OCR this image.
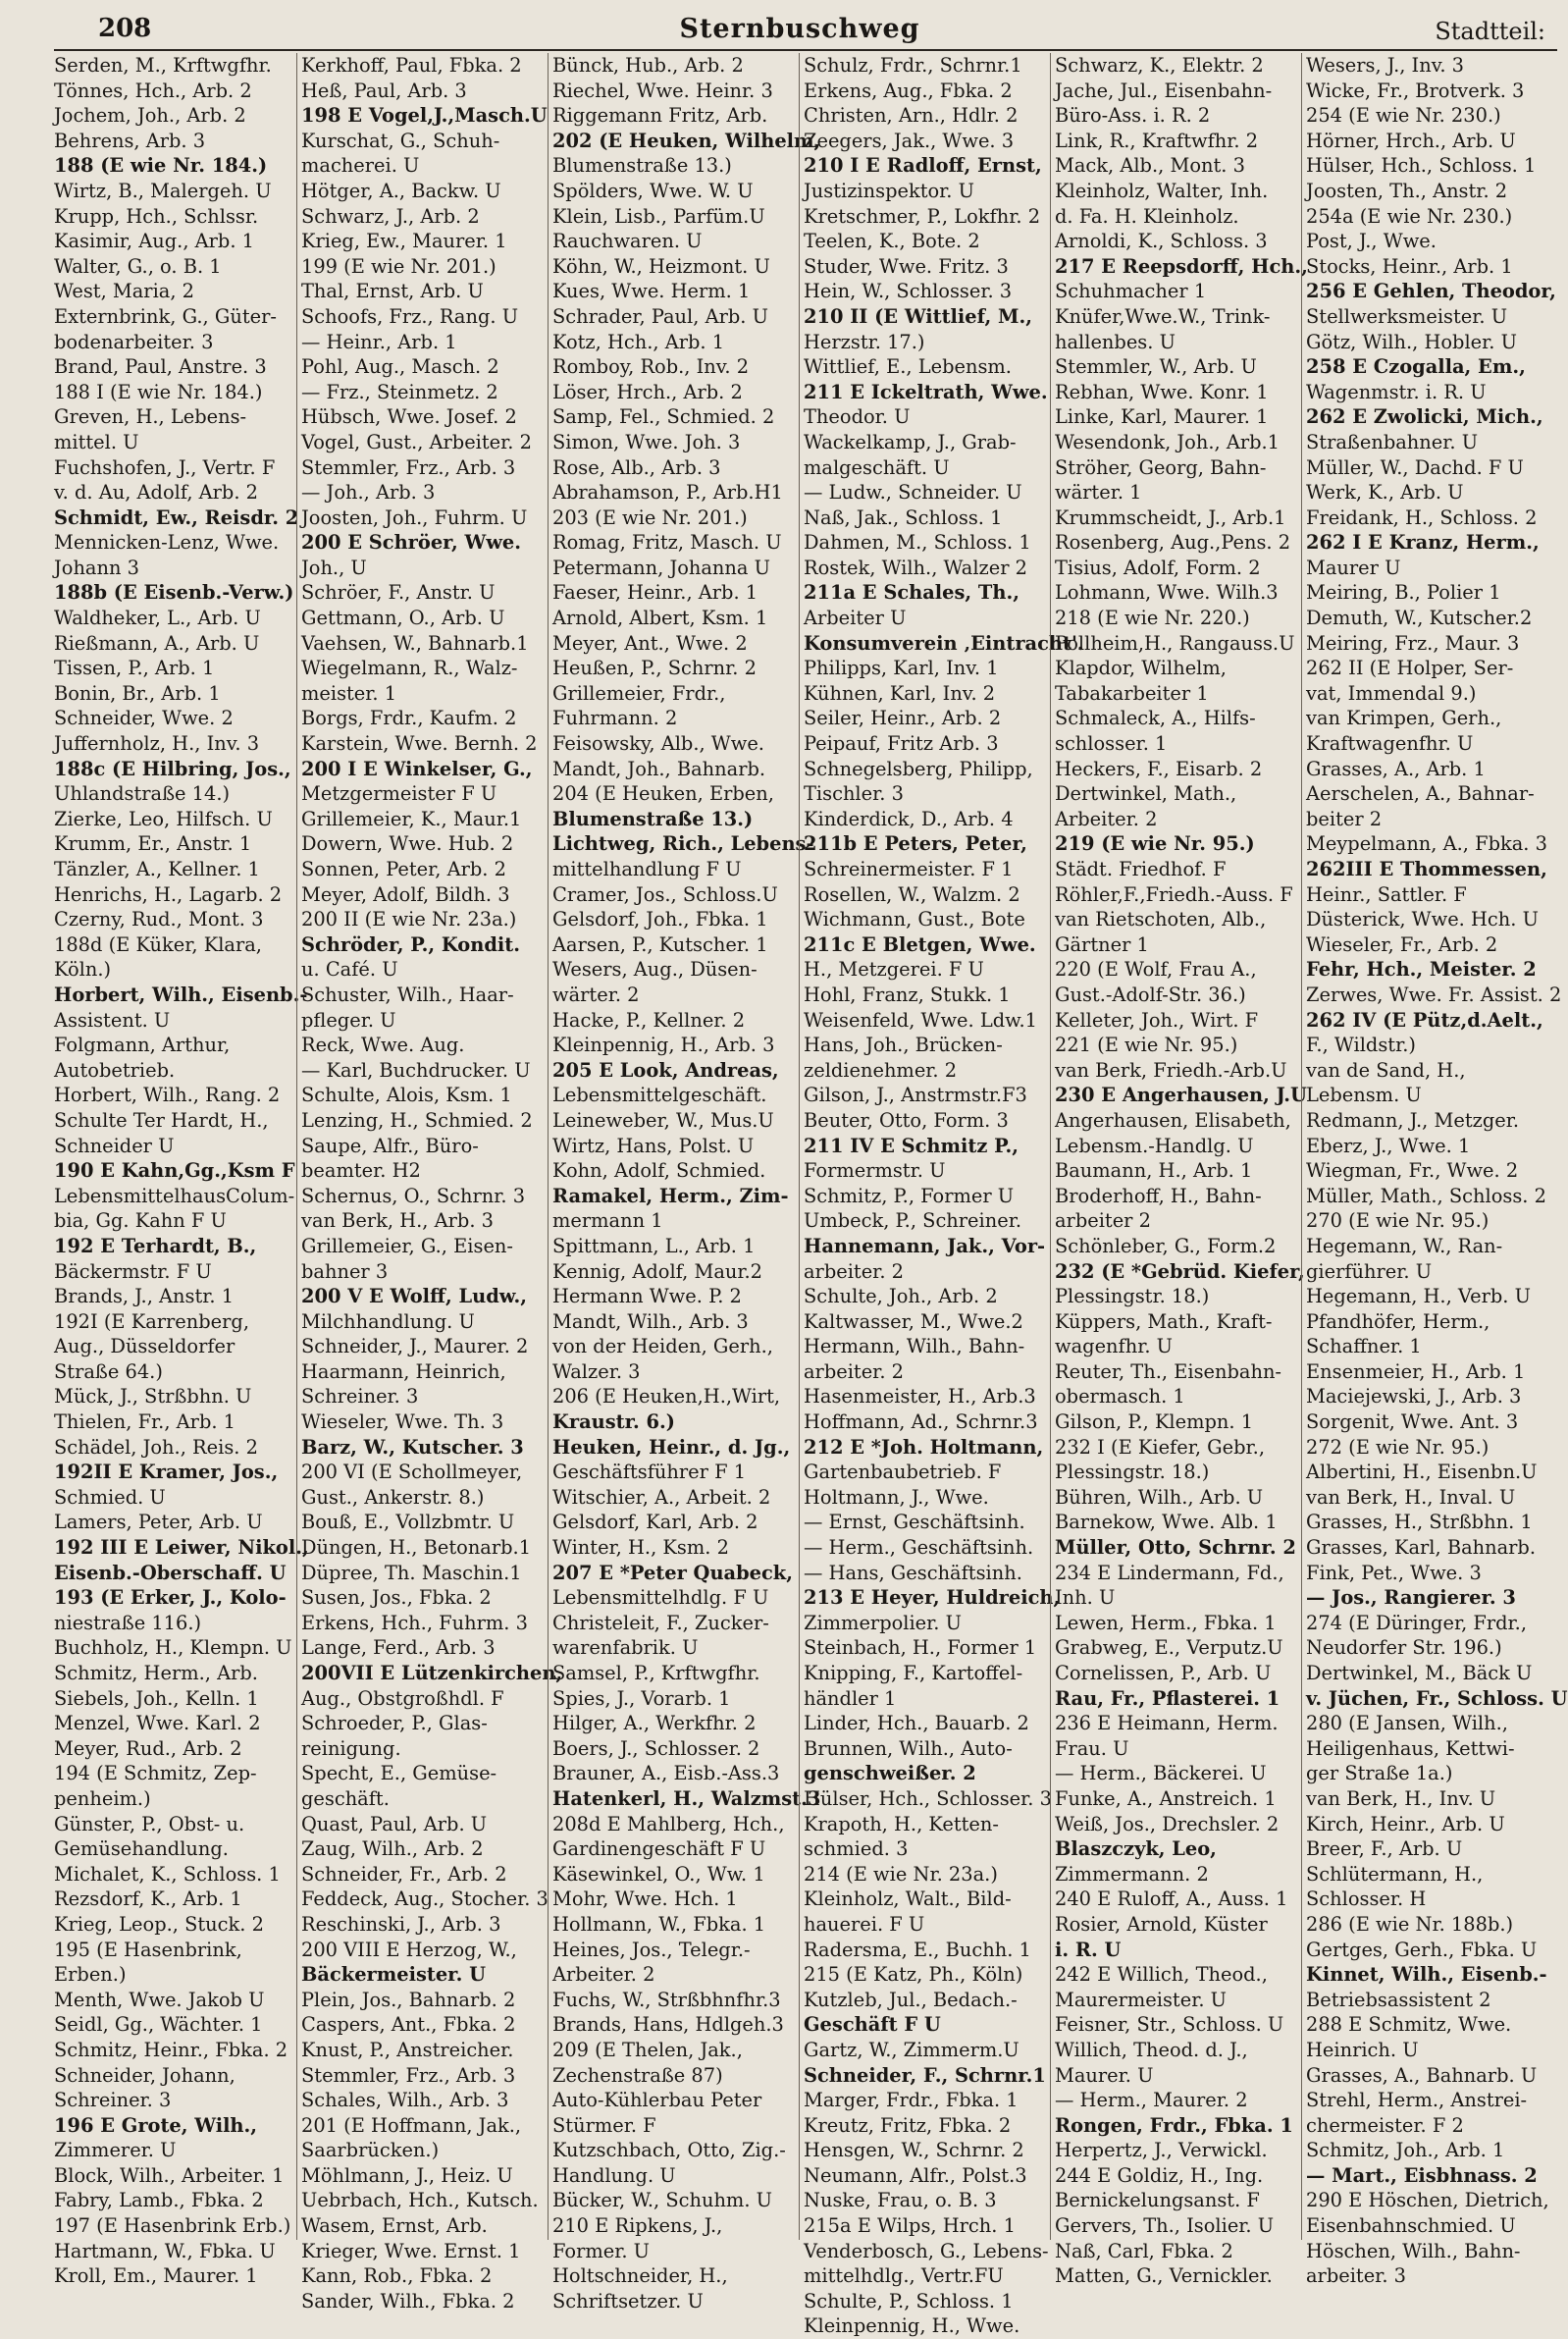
208	Sternbuschweg	Stadtteil:
Serden, M., Krftwgfhr.
Tönnes, Hch., Arb. 2
Jochem, Joh., Arb. 2
Behrens, Arb. 3
188 (E wie Nr. 184.)
Wirtz, B., Malergeh. U
Krupp, Hch., Schlssr.
Kasimir, Aug., Arb. 1
Walter, G., o. B. 1
West, Maria, 2
Externbrink, G., Güter-
bodenarbeiter. 3
Brand, Paul, Anstre. 3
188 I (E wie Nr. 184.)
Greven, H., Lebens-
mittel. U
Fuchshofen, J., Vertr. F
v. d. Au, Adolf, Arb. 2
Schmidt, Ew., Reisdr. 2
Mennicken-Lenz, Wwe.
Johann 3
188b (E Eisenb.-Verw.)
Waldheker, L., Arb. U
Rießmann, A., Arb. U
Tissen, P., Arb. 1
Bonin, Br., Arb. 1
Schneider, Wwe. 2
Juffernholz, H., Inv. 3
188c (E Hilbring, Jos.,
Uhlandstraße 14.)
Zierke, Leo, Hilfsch. U
Krumm, Er., Anstr. 1
Tänzler, A., Kellner. 1
Henrichs, H., Lagarb. 2
Czerny, Rud., Mont. 3
188d (E Küker, Klara,
Köln.)
Horbert, Wilh., Eisenb.-
Assistent. U
Folgmann, Arthur,
Autobetrieb.
Horbert, Wilh., Rang. 2
Schulte Ter Hardt, H.,
Schneider U
190 E Kahn,Gg.,Ksm F
LebensmittelhausColum-
bia, Gg. Kahn F U
192 E Terhardt, B.,
Bäckermstr. F U
Brands, J., Anstr. 1
192I (E Karrenberg,
Aug., Düsseldorfer
Straße 64.)
Mück, J., Strßbhn. U
Thielen, Fr., Arb. 1
Schädel, Joh., Reis. 2
192II E Kramer, Jos.,
Schmied. U
Lamers, Peter, Arb. U
192 III E Leiwer, Nikol.,
Eisenb.-Oberschaff. U
193 (E Erker, J., Kolo-
niestraße 116.)
Buchholz, H., Klempn. U
Schmitz, Herm., Arb.
Siebels, Joh., Kelln. 1
Menzel, Wwe. Karl. 2
Meyer, Rud., Arb. 2
194 (E Schmitz, Zep-
penheim.)
Günster, P., Obst- u.
Gemüsehandlung.
Michalet, K., Schloss. 1
Rezsdorf, K., Arb. 1
Krieg, Leop., Stuck. 2
195 (E Hasenbrink,
Erben.)
Menth, Wwe. Jakob U
Seidl, Gg., Wächter. 1
Schmitz, Heinr., Fbka. 2
Schneider, Johann,
Schreiner. 3
196 E Grote, Wilh.,
Zimmerer. U
Block, Wilh., Arbeiter. 1
Fabry, Lamb., Fbka. 2
197 (E Hasenbrink Erb.)
Hartmann, W., Fbka. U
Kroll, Em., Maurer. 1
Kerkhoff, Paul, Fbka. 2
Heß, Paul, Arb. 3
198 E Vogel,J.,Masch.U
Kurschat, G., Schuh-
macherei. U
Hötger, A., Backw. U
Schwarz, J., Arb. 2
Krieg, Ew., Maurer. 1
199 (E wie Nr. 201.)
Thal, Ernst, Arb. U
Schoofs, Frz., Rang. U
— Heinr., Arb. 1
Pohl, Aug., Masch. 2
— Frz., Steinmetz. 2
Hübsch, Wwe. Josef. 2
Vogel, Gust., Arbeiter. 2
Stemmler, Frz., Arb. 3
— Joh., Arb. 3
Joosten, Joh., Fuhrm. U
200 E Schröer, Wwe.
Joh., U
Schröer, F., Anstr. U
Gettmann, O., Arb. U
Vaehsen, W., Bahnarb.1
Wiegelmann, R., Walz-
meister. 1
Borgs, Frdr., Kaufm. 2
Karstein, Wwe. Bernh. 2
200 I E Winkelser, G.,
Metzgermeister F U
Grillemeier, K., Maur.1
Dowern, Wwe. Hub. 2
Sonnen, Peter, Arb. 2
Meyer, Adolf, Bildh. 3
200 II (E wie Nr. 23a.)
Schröder, P., Kondit.
u. Café. U
Schuster, Wilh., Haar-
pfleger. U
Reck, Wwe. Aug.
— Karl, Buchdrucker. U
Schulte, Alois, Ksm. 1
Lenzing, H., Schmied. 2
Saupe, Alfr., Büro-
beamter. H2
Schernus, O., Schrnr. 3
van Berk, H., Arb. 3
Grillemeier, G., Eisen-
bahner 3
200 V E Wolff, Ludw.,
Milchhandlung. U
Schneider, J., Maurer. 2
Haarmann, Heinrich,
Schreiner. 3
Wieseler, Wwe. Th. 3
Barz, W., Kutscher. 3
200 VI (E Schollmeyer,
Gust., Ankerstr. 8.)
Bouß, E., Vollzbmtr. U
Düngen, H., Betonarb.1
Düpree, Th. Maschin.1
Susen, Jos., Fbka. 2
Erkens, Hch., Fuhrm. 3
Lange, Ferd., Arb. 3
200VII E Lützenkirchen,
Aug., Obstgroßhdl. F
Schroeder, P., Glas-
reinigung.
Specht, E., Gemüse-
geschäft.
Quast, Paul, Arb. U
Zaug, Wilh., Arb. 2
Schneider, Fr., Arb. 2
Feddeck, Aug., Stocher. 3
Reschinski, J., Arb. 3
200 VIII E Herzog, W.,
Bäckermeister. U
Plein, Jos., Bahnarb. 2
Caspers, Ant., Fbka. 2
Knust, P., Anstreicher.
Stemmler, Frz., Arb. 3
Schales, Wilh., Arb. 3
201 (E Hoffmann, Jak.,
Saarbrücken.)
Möhlmann, J., Heiz. U
Uebrbach, Hch., Kutsch.
Wasem, Ernst, Arb.
Krieger, Wwe. Ernst. 1
Kann, Rob., Fbka. 2
Sander, Wilh., Fbka. 2
Bünck, Hub., Arb. 2
Riechel, Wwe. Heinr. 3
Riggemann Fritz, Arb.
202 (E Heuken, Wilhelm,
Blumenstraße 13.)
Spölders, Wwe. W. U
Klein, Lisb., Parfüm.U
Rauchwaren. U
Köhn, W., Heizmont. U
Kues, Wwe. Herm. 1
Schrader, Paul, Arb. U
Kotz, Hch., Arb. 1
Romboy, Rob., Inv. 2
Löser, Hrch., Arb. 2
Samp, Fel., Schmied. 2
Simon, Wwe. Joh. 3
Rose, Alb., Arb. 3
Abrahamson, P., Arb.H1
203 (E wie Nr. 201.)
Romag, Fritz, Masch. U
Petermann, Johanna U
Faeser, Heinr., Arb. 1
Arnold, Albert, Ksm. 1
Meyer, Ant., Wwe. 2
Heußen, P., Schrnr. 2
Grillemeier, Frdr.,
Fuhrmann. 2
Feisowsky, Alb., Wwe.
Mandt, Joh., Bahnarb.
204 (E Heuken, Erben,
Blumenstraße 13.)
Lichtweg, Rich., Lebens-
mittelhandlung F U
Cramer, Jos., Schloss.U
Gelsdorf, Joh., Fbka. 1
Aarsen, P., Kutscher. 1
Wesers, Aug., Düsen-
wärter. 2
Hacke, P., Kellner. 2
Kleinpennig, H., Arb. 3
205 E Look, Andreas,
Lebensmittelgeschäft.
Leineweber, W., Mus.U
Wirtz, Hans, Polst. U
Kohn, Adolf, Schmied.
Ramakel, Herm., Zim-
mermann 1
Spittmann, L., Arb. 1
Kennig, Adolf, Maur.2
Hermann Wwe. P. 2
Mandt, Wilh., Arb. 3
von der Heiden, Gerh.,
Walzer. 3
206 (E Heuken,H.,Wirt,
Kraustr. 6.)
Heuken, Heinr., d. Jg.,
Geschäftsführer F 1
Witschier, A., Arbeit. 2
Gelsdorf, Karl, Arb. 2
Winter, H., Ksm. 2
207 E *Peter Quabeck,
Lebensmittelhdlg. F U
Christeleit, F., Zucker-
warenfabrik. U
Samsel, P., Krftwgfhr.
Spies, J., Vorarb. 1
Hilger, A., Werkfhr. 2
Boers, J., Schlosser. 2
Brauner, A., Eisb.-Ass.3
Hatenkerl, H., Walzmst.3
208d E Mahlberg, Hch.,
Gardinengeschäft F U
Käsewinkel, O., Ww. 1
Mohr, Wwe. Hch. 1
Hollmann, W., Fbka. 1
Heines, Jos., Telegr.-
Arbeiter. 2
Fuchs, W., Strßbhnfhr.3
Brands, Hans, Hdlgeh.3
209 (E Thelen, Jak.,
Zechenstraße 87)
Auto-Kühlerbau Peter
Stürmer. F
Kutzschbach, Otto, Zig.-
Handlung. U
Bücker, W., Schuhm. U
210 E Ripkens, J.,
Former. U
Holtschneider, H.,
Schriftsetzer. U
Schulz, Frdr., Schrnr.1
Erkens, Aug., Fbka. 2
Christen, Arn., Hdlr. 2
Zeegers, Jak., Wwe. 3
210 I E Radloff, Ernst,
Justizinspektor. U
Kretschmer, P., Lokfhr. 2
Teelen, K., Bote. 2
Studer, Wwe. Fritz. 3
Hein, W., Schlosser. 3
210 II (E Wittlief, M.,
Herzstr. 17.)
Wittlief, E., Lebensm.
211 E Ickeltrath, Wwe.
Theodor. U
Wackelkamp, J., Grab-
malgeschäft. U
— Ludw., Schneider. U
Naß, Jak., Schloss. 1
Dahmen, M., Schloss. 1
Rostek, Wilh., Walzer 2
211a E Schales, Th.,
Arbeiter U
Konsumverein ‚Eintracht'.
Philipps, Karl, Inv. 1
Kühnen, Karl, Inv. 2
Seiler, Heinr., Arb. 2
Peipauf, Fritz Arb. 3
Schnegelsberg, Philipp,
Tischler. 3
Kinderdick, D., Arb. 4
211b E Peters, Peter,
Schreinermeister. F 1
Rosellen, W., Walzm. 2
Wichmann, Gust., Bote
211c E Bletgen, Wwe.
H., Metzgerei. F U
Hohl, Franz, Stukk. 1
Weisenfeld, Wwe. Ldw.1
Hans, Joh., Brücken-
zeldienehmer. 2
Gilson, J., Anstrmstr.F3
Beuter, Otto, Form. 3
211 IV E Schmitz P.,
Formermstr. U
Schmitz, P., Former U
Umbeck, P., Schreiner.
Hannemann, Jak., Vor-
arbeiter. 2
Schulte, Joh., Arb. 2
Kaltwasser, M., Wwe.2
Hermann, Wilh., Bahn-
arbeiter. 2
Hasenmeister, H., Arb.3
Hoffmann, Ad., Schrnr.3
212 E *Joh. Holtmann,
Gartenbaubetrieb. F
Holtmann, J., Wwe.
— Ernst, Geschäftsinh.
— Herm., Geschäftsinh.
— Hans, Geschäftsinh.
213 E Heyer, Huldreich,
Zimmerpolier. U
Steinbach, H., Former 1
Knipping, F., Kartoffel-
händler 1
Linder, Hch., Bauarb. 2
Brunnen, Wilh., Auto-
genschweißer. 2
Hülser, Hch., Schlosser. 3
Krapoth, H., Ketten-
schmied. 3
214 (E wie Nr. 23a.)
Kleinholz, Walt., Bild-
hauerei. F U
Radersma, E., Buchh. 1
215 (E Katz, Ph., Köln)
Kutzleb, Jul., Bedach.-
Geschäft F U
Gartz, W., Zimmerm.U
Schneider, F., Schrnr.1
Marger, Frdr., Fbka. 1
Kreutz, Fritz, Fbka. 2
Hensgen, W., Schrnr. 2
Neumann, Alfr., Polst.3
Nuske, Frau, o. B. 3
215a E Wilps, Hrch. 1
Venderbosch, G., Lebens-
mittelhdlg., Vertr.FU
Schulte, P., Schloss. 1
Kleinpennig, H., Wwe.
Schwarz, K., Elektr. 2
Jache, Jul., Eisenbahn-
Büro-Ass. i. R. 2
Link, R., Kraftwfhr. 2
Mack, Alb., Mont. 3
Kleinholz, Walter, Inh.
d. Fa. H. Kleinholz.
Arnoldi, K., Schloss. 3
217 E Reepsdorff, Hch.,
Schuhmacher 1
Knüfer,Wwe.W., Trink-
hallenbes. U
Stemmler, W., Arb. U
Rebhan, Wwe. Konr. 1
Linke, Karl, Maurer. 1
Wesendonk, Joh., Arb.1
Ströher, Georg, Bahn-
wärter. 1
Krummscheidt, J., Arb.1
Rosenberg, Aug.,Pens. 2
Tisius, Adolf, Form. 2
Lohmann, Wwe. Wilh.3
218 (E wie Nr. 220.)
Pollheim,H., Rangauss.U
Klapdor, Wilhelm,
Tabakarbeiter 1
Schmaleck, A., Hilfs-
schlosser. 1
Heckers, F., Eisarb. 2
Dertwinkel, Math.,
Arbeiter. 2
219 (E wie Nr. 95.)
Städt. Friedhof. F
Röhler,F.,Friedh.-Auss. F
van Rietschoten, Alb.,
Gärtner 1
220 (E Wolf, Frau A.,
Gust.-Adolf-Str. 36.)
Kelleter, Joh., Wirt. F
221 (E wie Nr. 95.)
van Berk, Friedh.-Arb.U
230 E Angerhausen, J.U
Angerhausen, Elisabeth,
Lebensm.-Handlg. U
Baumann, H., Arb. 1
Broderhoff, H., Bahn-
arbeiter 2
Schönleber, G., Form.2
232 (E *Gebrüd. Kiefer,
Plessingstr. 18.)
Küppers, Math., Kraft-
wagenfhr. U
Reuter, Th., Eisenbahn-
obermasch. 1
Gilson, P., Klempn. 1
232 I (E Kiefer, Gebr.,
Plessingstr. 18.)
Bühren, Wilh., Arb. U
Barnekow, Wwe. Alb. 1
Müller, Otto, Schrnr. 2
234 E Lindermann, Fd.,
Inh. U
Lewen, Herm., Fbka. 1
Grabweg, E., Verputz.U
Cornelissen, P., Arb. U
Rau, Fr., Pflasterei. 1
236 E Heimann, Herm.
Frau. U
— Herm., Bäckerei. U
Funke, A., Anstreich. 1
Weiß, Jos., Drechsler. 2
Blaszczyk, Leo,
Zimmermann. 2
240 E Ruloff, A., Auss. 1
Rosier, Arnold, Küster
i. R. U
242 E Willich, Theod.,
Maurermeister. U
Feisner, Str., Schloss. U
Willich, Theod. d. J.,
Maurer. U
— Herm., Maurer. 2
Rongen, Frdr., Fbka. 1
Herpertz, J., Verwickl.
244 E Goldiz, H., Ing.
Bernickelungsanst. F
Gervers, Th., Isolier. U
Naß, Carl, Fbka. 2
Matten, G., Vernickler.
Wesers, J., Inv. 3
Wicke, Fr., Brotverk. 3
254 (E wie Nr. 230.)
Hörner, Hrch., Arb. U
Hülser, Hch., Schloss. 1
Joosten, Th., Anstr. 2
254a (E wie Nr. 230.)
Post, J., Wwe.
Stocks, Heinr., Arb. 1
256 E Gehlen, Theodor,
Stellwerksmeister. U
Götz, Wilh., Hobler. U
258 E Czogalla, Em.,
Wagenmstr. i. R. U
262 E Zwolicki, Mich.,
Straßenbahner. U
Müller, W., Dachd. F U
Werk, K., Arb. U
Freidank, H., Schloss. 2
262 I E Kranz, Herm.,
Maurer U
Meiring, B., Polier 1
Demuth, W., Kutscher.2
Meiring, Frz., Maur. 3
262 II (E Holper, Ser-
vat, Immendal 9.)
van Krimpen, Gerh.,
Kraftwagenfhr. U
Grasses, A., Arb. 1
Aerschelen, A., Bahnar-
beiter 2
Meypelmann, A., Fbka. 3
262III E Thommessen,
Heinr., Sattler. F
Düsterick, Wwe. Hch. U
Wieseler, Fr., Arb. 2
Fehr, Hch., Meister. 2
Zerwes, Wwe. Fr. Assist. 2
262 IV (E Pütz,d.Aelt.,
F., Wildstr.)
van de Sand, H.,
Lebensm. U
Redmann, J., Metzger.
Eberz, J., Wwe. 1
Wiegman, Fr., Wwe. 2
Müller, Math., Schloss. 2
270 (E wie Nr. 95.)
Hegemann, W., Ran-
gierführer. U
Hegemann, H., Verb. U
Pfandhöfer, Herm.,
Schaffner. 1
Ensenmeier, H., Arb. 1
Maciejewski, J., Arb. 3
Sorgenit, Wwe. Ant. 3
272 (E wie Nr. 95.)
Albertini, H., Eisenbn.U
van Berk, H., Inval. U
Grasses, H., Strßbhn. 1
Grasses, Karl, Bahnarb.
Fink, Pet., Wwe. 3
— Jos., Rangierer. 3
274 (E Düringer, Frdr.,
Neudorfer Str. 196.)
Dertwinkel, M., Bäck U
v. Jüchen, Fr., Schloss. U
280 (E Jansen, Wilh.,
Heiligenhaus, Kettwi-
ger Straße 1a.)
van Berk, H., Inv. U
Kirch, Heinr., Arb. U
Breer, F., Arb. U
Schlütermann, H.,
Schlosser. H
286 (E wie Nr. 188b.)
Gertges, Gerh., Fbka. U
Kinnet, Wilh., Eisenb.-
Betriebsassistent 2
288 E Schmitz, Wwe.
Heinrich. U
Grasses, A., Bahnarb. U
Strehl, Herm., Anstrei-
chermeister. F 2
Schmitz, Joh., Arb. 1
— Mart., Eisbhnass. 2
290 E Höschen, Dietrich,
Eisenbahnschmied. U
Höschen, Wilh., Bahn-
arbeiter. 3
